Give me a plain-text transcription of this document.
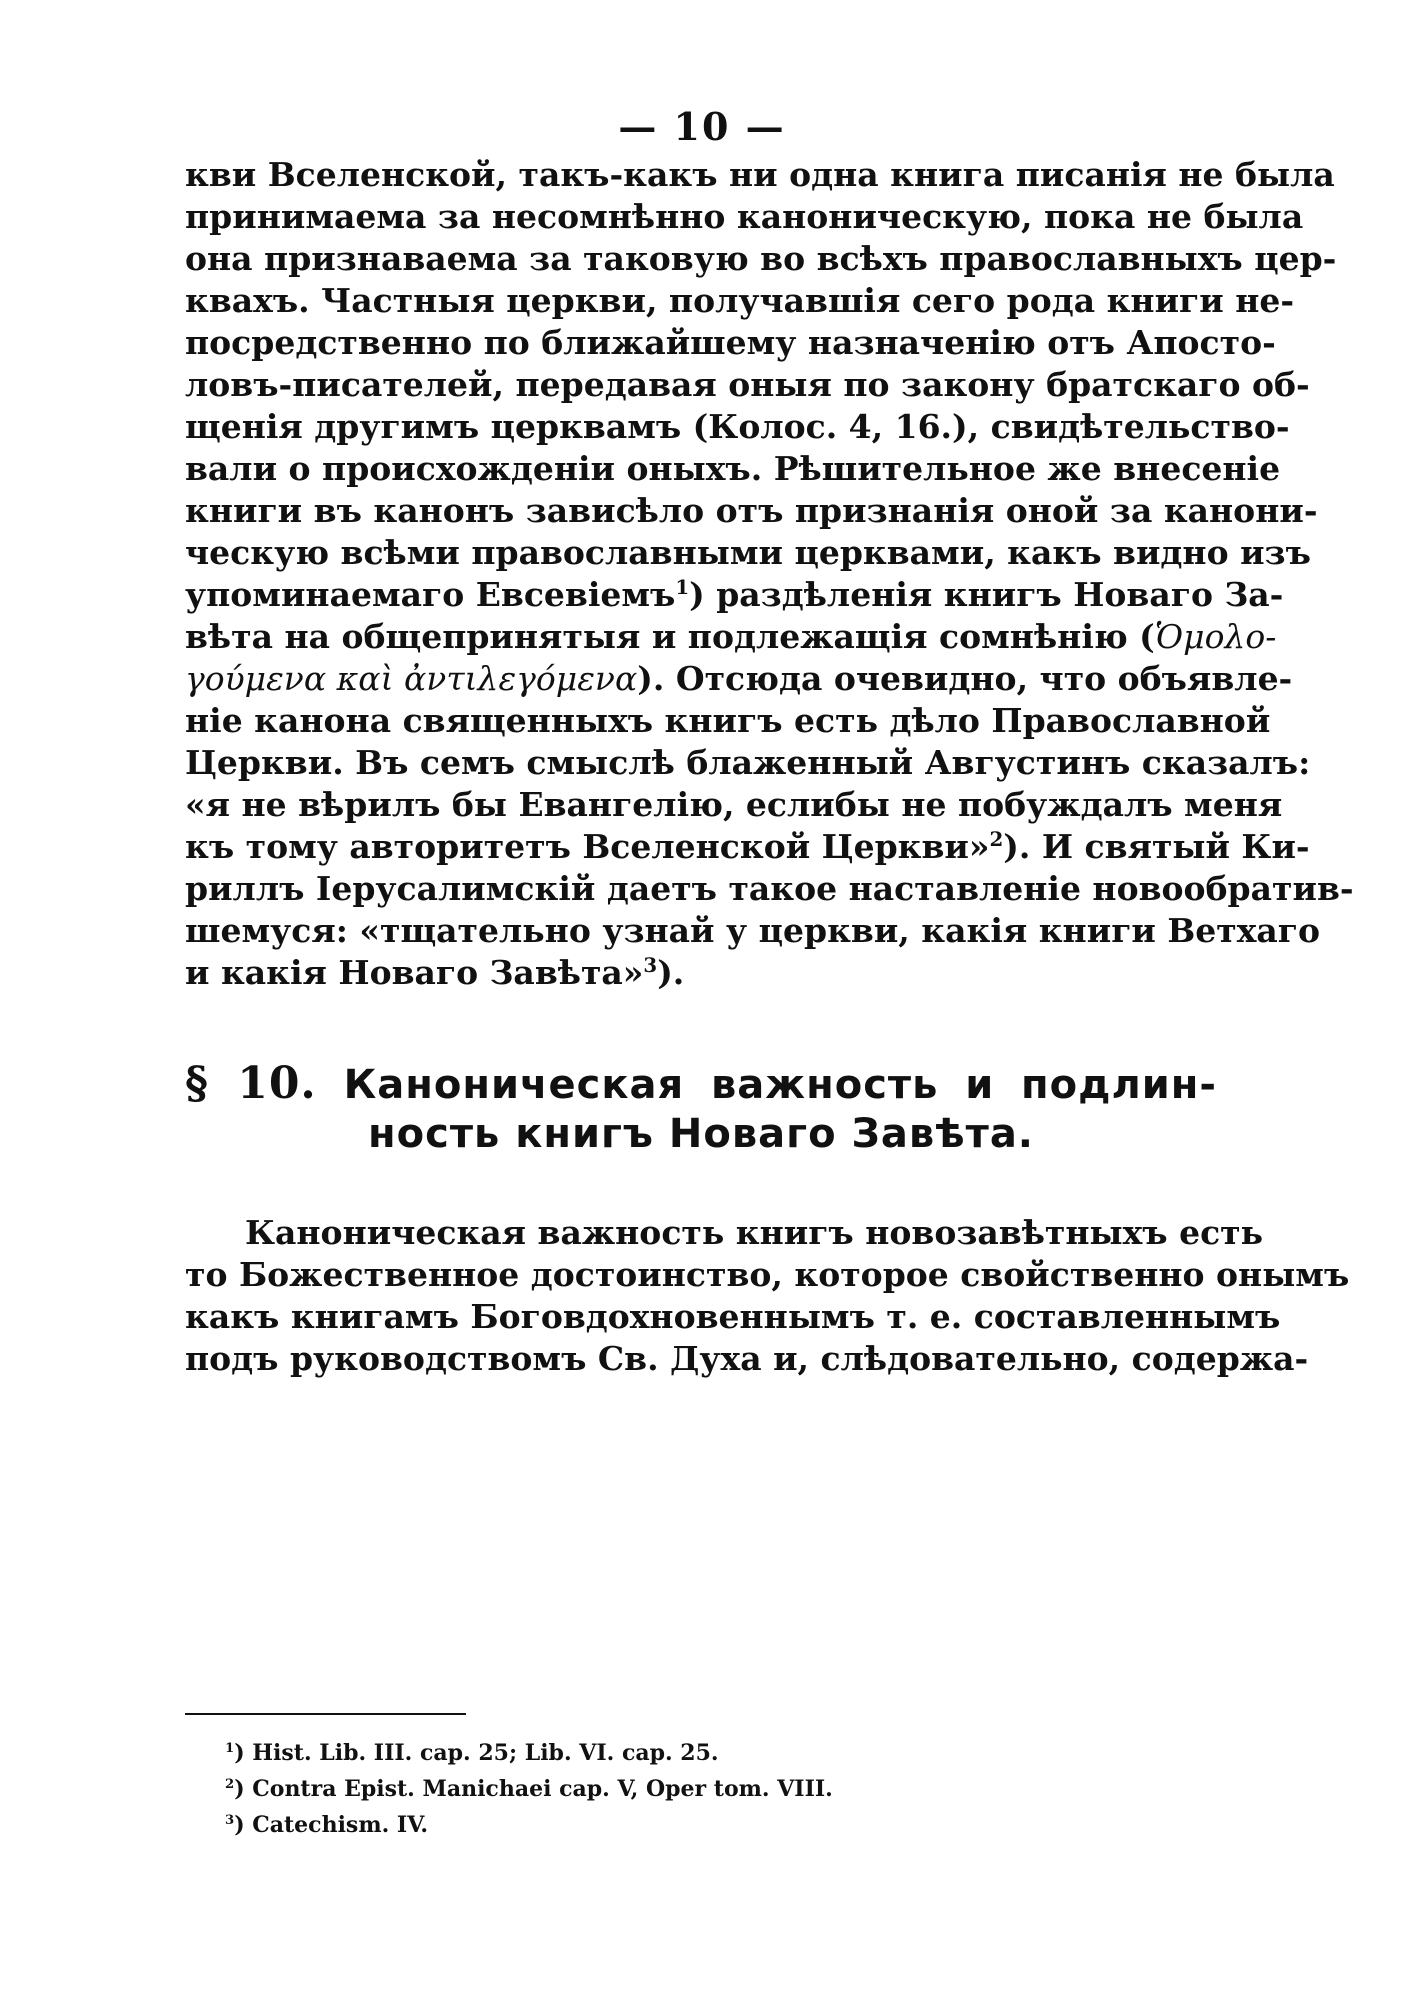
— 10 —
кви Вселенской, такъ-какъ ни одна книга писанія не была
принимаема за несомнѣнно каноническую, пока не была
она признаваема за таковую во всѣхъ православныхъ цер-
квахъ. Частныя церкви, получавшія сего рода книги не-
посредственно по ближайшему назначенію отъ Апосто-
ловъ-писателей, передавая оныя по закону братскаго об-
щенія другимъ церквамъ (Колос. 4, 16.), свидѣтельство-
вали о происхожденіи оныхъ. Рѣшительное же внесеніе
книги въ канонъ зависѣло отъ признанія оной за канони-
ческую всѣми православными церквами, какъ видно изъ
упоминаемаго Евсевіемъ$^1$) раздѣленія книгъ Новаго За-
вѣта на общепринятыя и подлежащія сомнѣнію (Ὁμολο-
γούμενα καὶ ἀντιλεγόμενα). Отсюда очевидно, что объявле-
ніе канона священныхъ книгъ есть дѣло Православной
Церкви. Въ семъ смыслѣ блаженный Августинъ сказалъ:
«я не вѣрилъ бы Евангелію, еслибы не побуждалъ меня
къ тому авторитетъ Вселенской Церкви»$^2$). И святый Ки-
риллъ Іерусалимскій даетъ такое наставленіе новообратив-
шемуся: «тщательно узнай у церкви, какія книги Ветхаго
и какія Новаго Завѣта»$^3$).
§ 10. Каноническая важность и подлин-
ность книгъ Новаго Завѣта.
Каноническая важность книгъ новозавѣтныхъ есть
то Божественное достоинство, которое свойственно онымъ
какъ книгамъ Боговдохновеннымъ т. е. составленнымъ
подъ руководствомъ Св. Духа и, слѣдовательно, содержа-
$^1$) Hist. Lib. III. cap. 25; Lib. VI. cap. 25.
$^2$) Contra Epist. Manichaei cap. V, Oper tom. VIII.
$^3$) Catechism. IV.
